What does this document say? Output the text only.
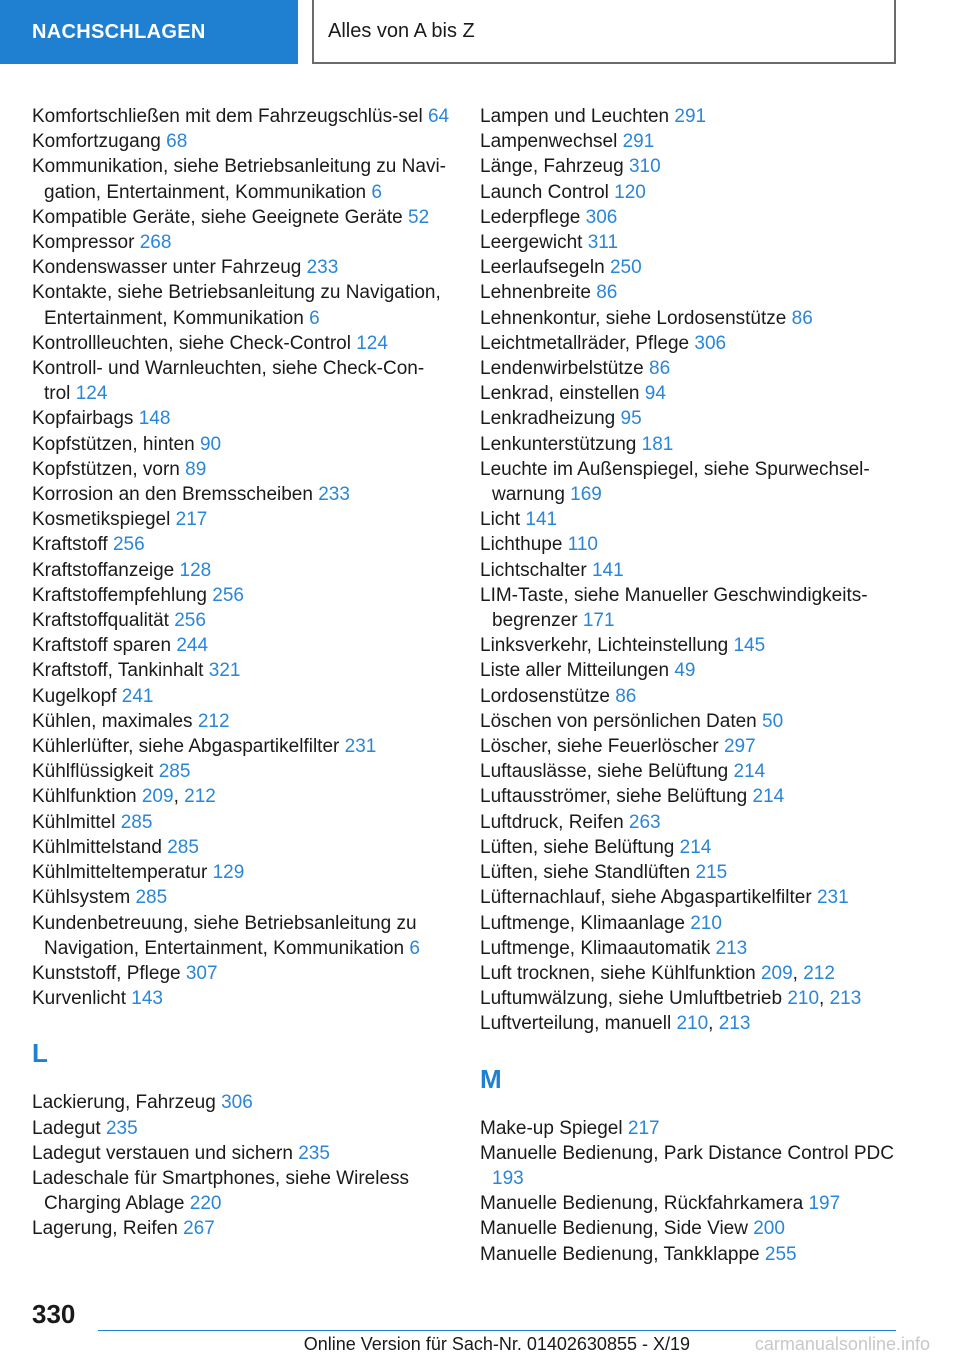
NACHSCHLAGEN	Alles von A bis Z
Komfortschließen mit dem Fahrzeugschlüs‐sel 64
Komfortzugang 68
Kommunikation, siehe Betriebsanleitung zu Navi‐gation, Entertainment, Kommunikation 6
Kompatible Geräte, siehe Geeignete Geräte 52
Kompressor 268
Kondenswasser unter Fahrzeug 233
Kontakte, siehe Betriebsanleitung zu Navigation, Entertainment, Kommunikation 6
Kontrollleuchten, siehe Check-Control 124
Kontroll- und Warnleuchten, siehe Check-Con‐trol 124
Kopfairbags 148
Kopfstützen, hinten 90
Kopfstützen, vorn 89
Korrosion an den Bremsscheiben 233
Kosmetikspiegel 217
Kraftstoff 256
Kraftstoffanzeige 128
Kraftstoffempfehlung 256
Kraftstoffqualität 256
Kraftstoff sparen 244
Kraftstoff, Tankinhalt 321
Kugelkopf 241
Kühlen, maximales 212
Kühlerlüfter, siehe Abgaspartikelfilter 231
Kühlflüssigkeit 285
Kühlfunktion 209, 212
Kühlmittel 285
Kühlmittelstand 285
Kühlmitteltemperatur 129
Kühlsystem 285
Kundenbetreuung, siehe Betriebsanleitung zu Navigation, Entertainment, Kommunikation 6
Kunststoff, Pflege 307
Kurvenlicht 143
L
Lackierung, Fahrzeug 306
Ladegut 235
Ladegut verstauen und sichern 235
Ladeschale für Smartphones, siehe Wireless Charging Ablage 220
Lagerung, Reifen 267
Lampen und Leuchten 291
Lampenwechsel 291
Länge, Fahrzeug 310
Launch Control 120
Lederpflege 306
Leergewicht 311
Leerlaufsegeln 250
Lehnenbreite 86
Lehnenkontur, siehe Lordosenstütze 86
Leichtmetallräder, Pflege 306
Lendenwirbelstütze 86
Lenkrad, einstellen 94
Lenkradheizung 95
Lenkunterstützung 181
Leuchte im Außenspiegel, siehe Spurwechsel‐warnung 169
Licht 141
Lichthupe 110
Lichtschalter 141
LIM-Taste, siehe Manueller Geschwindigkeits‐begrenzer 171
Linksverkehr, Lichteinstellung 145
Liste aller Mitteilungen 49
Lordosenstütze 86
Löschen von persönlichen Daten 50
Löscher, siehe Feuerlöscher 297
Luftauslässe, siehe Belüftung 214
Luftausströmer, siehe Belüftung 214
Luftdruck, Reifen 263
Lüften, siehe Belüftung 214
Lüften, siehe Standlüften 215
Lüfternachlauf, siehe Abgaspartikelfilter 231
Luftmenge, Klimaanlage 210
Luftmenge, Klimaautomatik 213
Luft trocknen, siehe Kühlfunktion 209, 212
Luftumwälzung, siehe Umluftbetrieb 210, 213
Luftverteilung, manuell 210, 213
M
Make-up Spiegel 217
Manuelle Bedienung, Park Distance Control PDC 193
Manuelle Bedienung, Rückfahrkamera 197
Manuelle Bedienung, Side View 200
Manuelle Bedienung, Tankklappe 255
330
Online Version für Sach-Nr. 01402630855 - X/19	carmanualsonline.info
